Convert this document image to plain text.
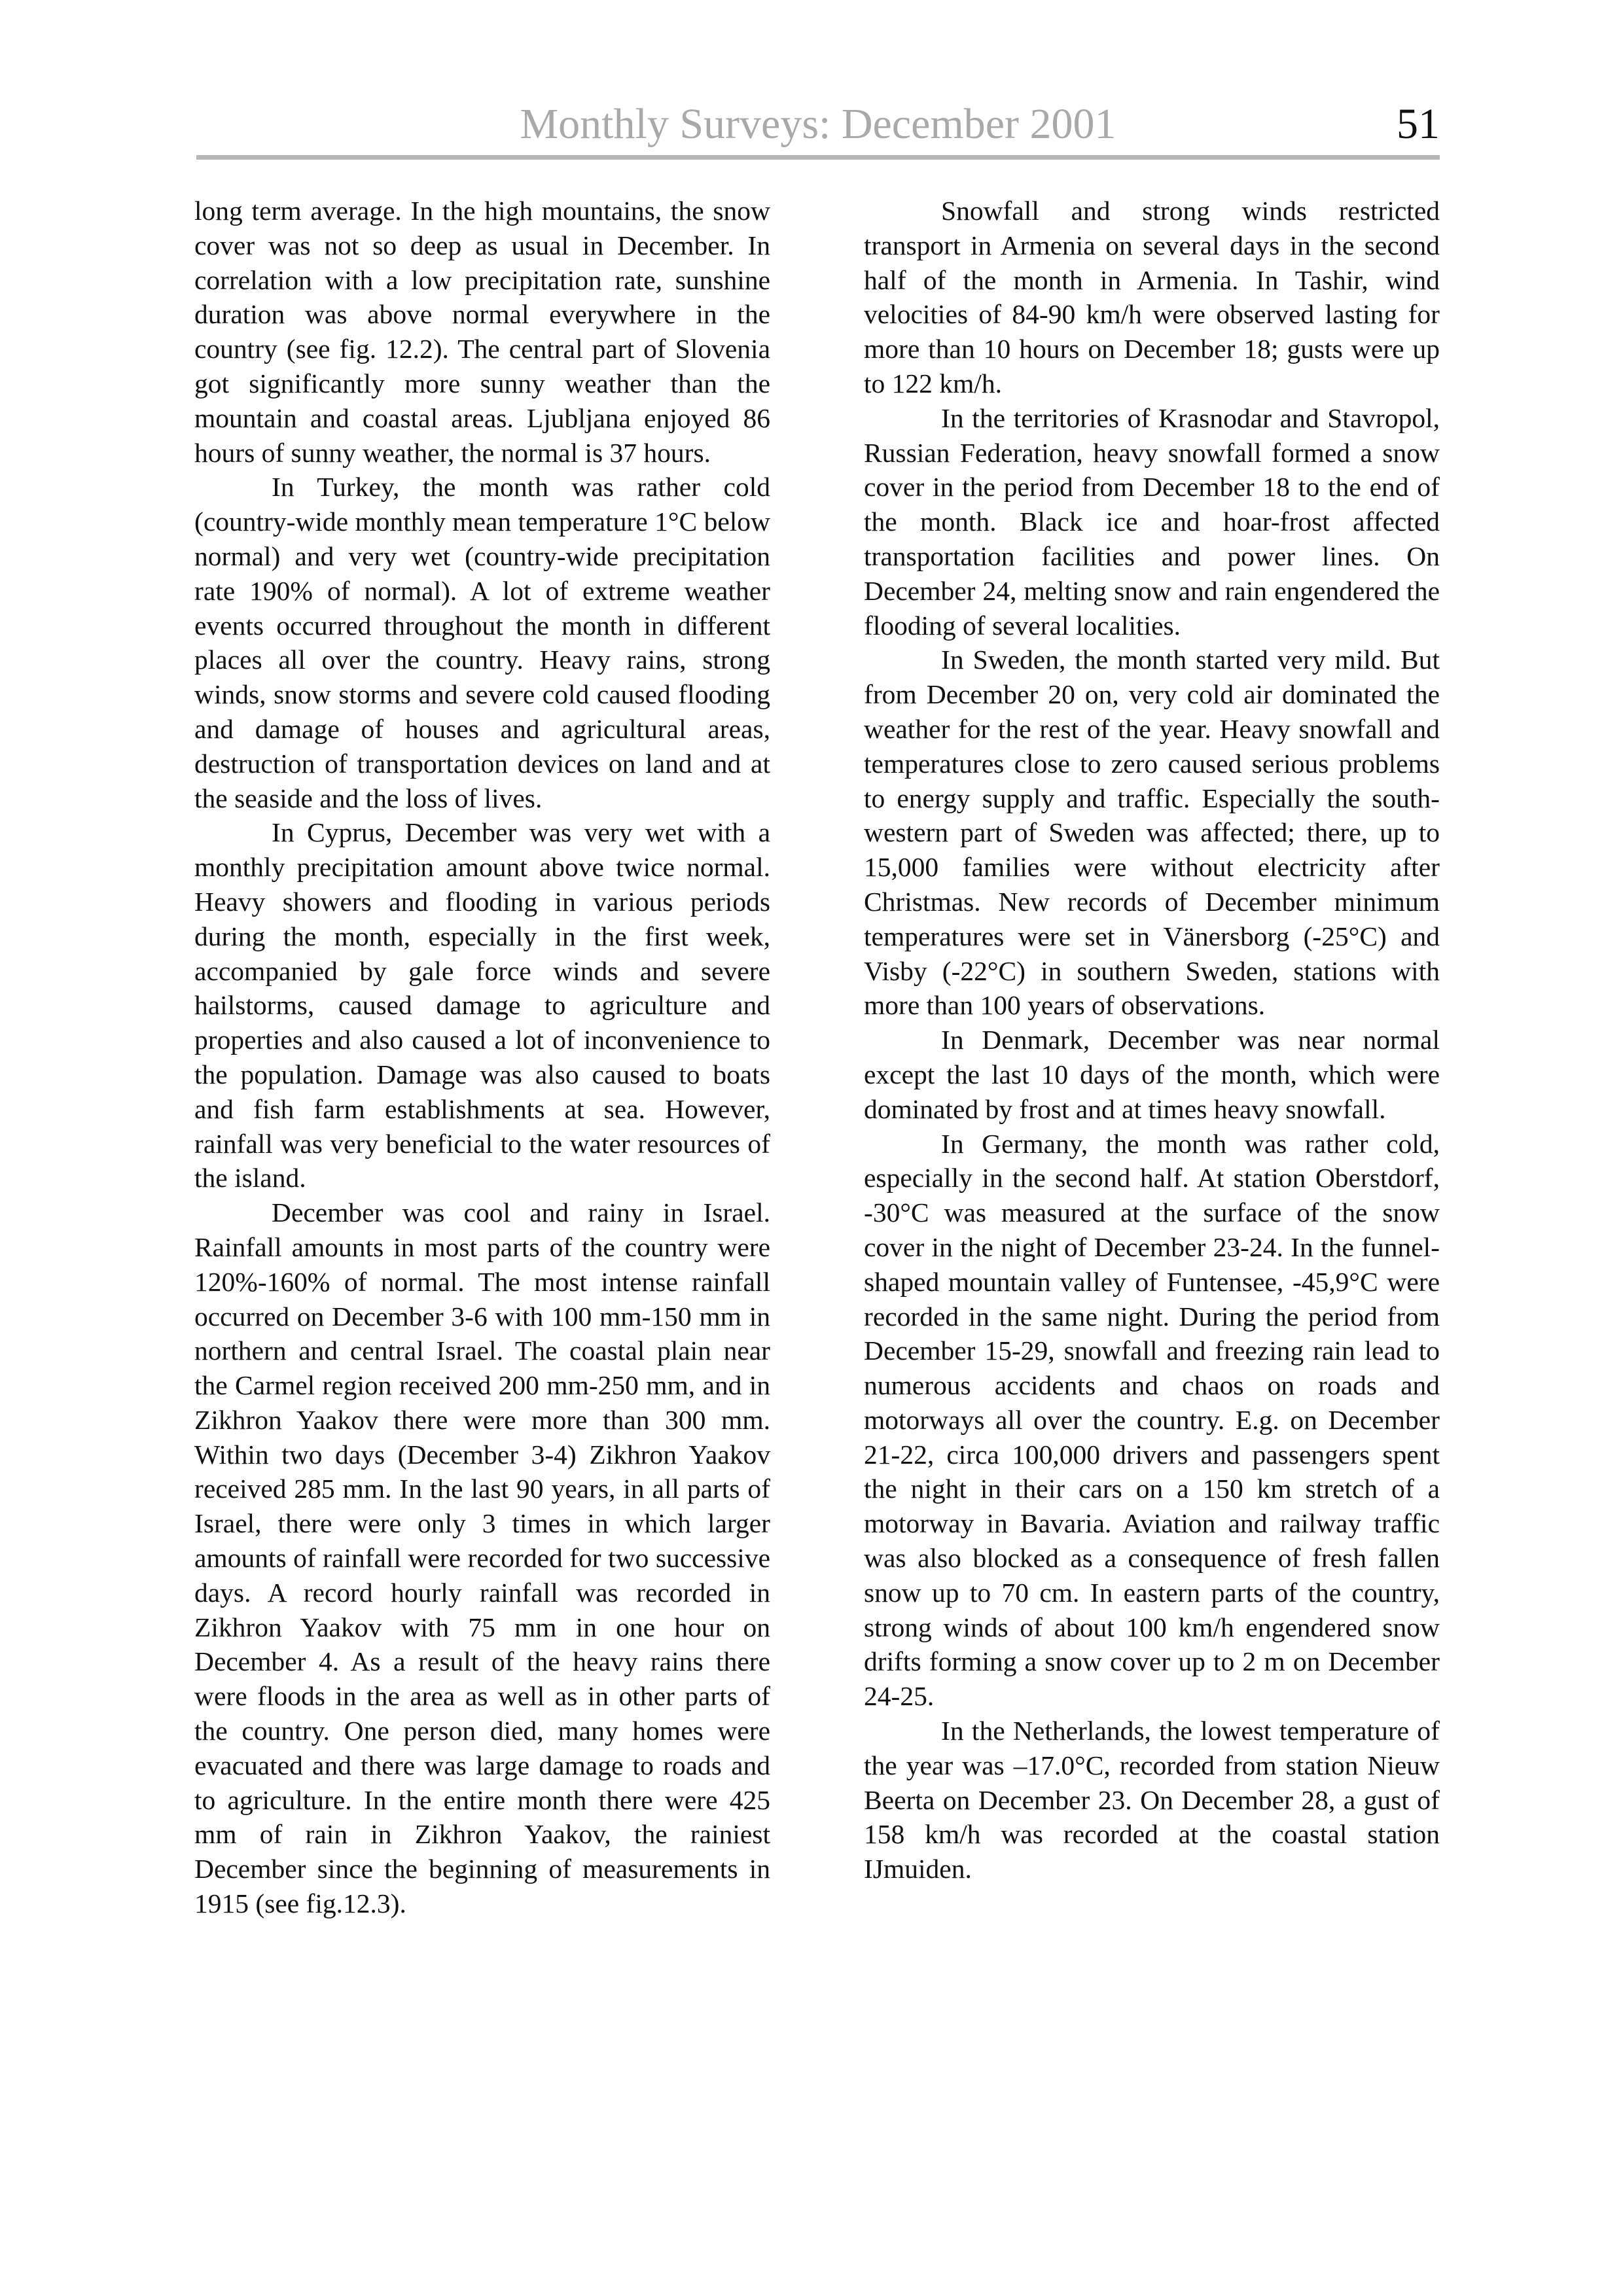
Monthly Surveys: December 2001	51

long term average. In the high mountains, the snow cover was not so deep as usual in December. In correlation with a low precipitation rate, sunshine duration was above normal everywhere in the country (see fig. 12.2). The central part of Slovenia got significantly more sunny weather than the mountain and coastal areas. Ljubljana enjoyed 86 hours of sunny weather, the normal is 37 hours.

In Turkey, the month was rather cold (country-wide monthly mean temperature 1°C below normal) and very wet (country-wide precipitation rate 190% of normal). A lot of extreme weather events occurred throughout the month in different places all over the country. Heavy rains, strong winds, snow storms and severe cold caused flooding and damage of houses and agricultural areas, destruction of transportation devices on land and at the seaside and the loss of lives.

In Cyprus, December was very wet with a monthly precipitation amount above twice normal. Heavy showers and flooding in various periods during the month, especially in the first week, accompanied by gale force winds and severe hailstorms, caused damage to agriculture and properties and also caused a lot of inconvenience to the population. Damage was also caused to boats and fish farm establishments at sea. However, rainfall was very beneficial to the water resources of the island.

December was cool and rainy in Israel. Rainfall amounts in most parts of the country were 120%-160% of normal. The most intense rainfall occurred on December 3-6 with 100 mm-150 mm in northern and central Israel. The coastal plain near the Carmel region received 200 mm-250 mm, and in Zikhron Yaakov there were more than 300 mm. Within two days (December 3-4) Zikhron Yaakov received 285 mm. In the last 90 years, in all parts of Israel, there were only 3 times in which larger amounts of rainfall were recorded for two successive days. A record hourly rainfall was recorded in Zikhron Yaakov with 75 mm in one hour on December 4. As a result of the heavy rains there were floods in the area as well as in other parts of the country. One person died, many homes were evacuated and there was large damage to roads and to agriculture. In the entire month there were 425 mm of rain in Zikhron Yaakov, the rainiest December since the beginning of measurements in 1915 (see fig.12.3).

Snowfall and strong winds restricted transport in Armenia on several days in the second half of the month in Armenia. In Tashir, wind velocities of 84-90 km/h were observed lasting for more than 10 hours on December 18; gusts were up to 122 km/h.

In the territories of Krasnodar and Stavropol, Russian Federation, heavy snowfall formed a snow cover in the period from December 18 to the end of the month. Black ice and hoar-frost affected transportation facilities and power lines. On December 24, melting snow and rain engendered the flooding of several localities.

In Sweden, the month started very mild. But from December 20 on, very cold air dominated the weather for the rest of the year. Heavy snowfall and temperatures close to zero caused serious problems to energy supply and traffic. Especially the south-western part of Sweden was affected; there, up to 15,000 families were without electricity after Christmas. New records of December minimum temperatures were set in Vänersborg (-25°C) and Visby (-22°C) in southern Sweden, stations with more than 100 years of observations.

In Denmark, December was near normal except the last 10 days of the month, which were dominated by frost and at times heavy snowfall.

In Germany, the month was rather cold, especially in the second half. At station Oberstdorf, -30°C was measured at the surface of the snow cover in the night of December 23-24. In the funnel-shaped mountain valley of Funtensee, -45,9°C were recorded in the same night. During the period from December 15-29, snowfall and freezing rain lead to numerous accidents and chaos on roads and motorways all over the country. E.g. on December 21-22, circa 100,000 drivers and passengers spent the night in their cars on a 150 km stretch of a motorway in Bavaria. Aviation and railway traffic was also blocked as a consequence of fresh fallen snow up to 70 cm. In eastern parts of the country, strong winds of about 100 km/h engendered snow drifts forming a snow cover up to 2 m on December 24-25.

In the Netherlands, the lowest temperature of the year was –17.0°C, recorded from station Nieuw Beerta on December 23. On December 28, a gust of 158 km/h was recorded at the coastal station IJmuiden.
